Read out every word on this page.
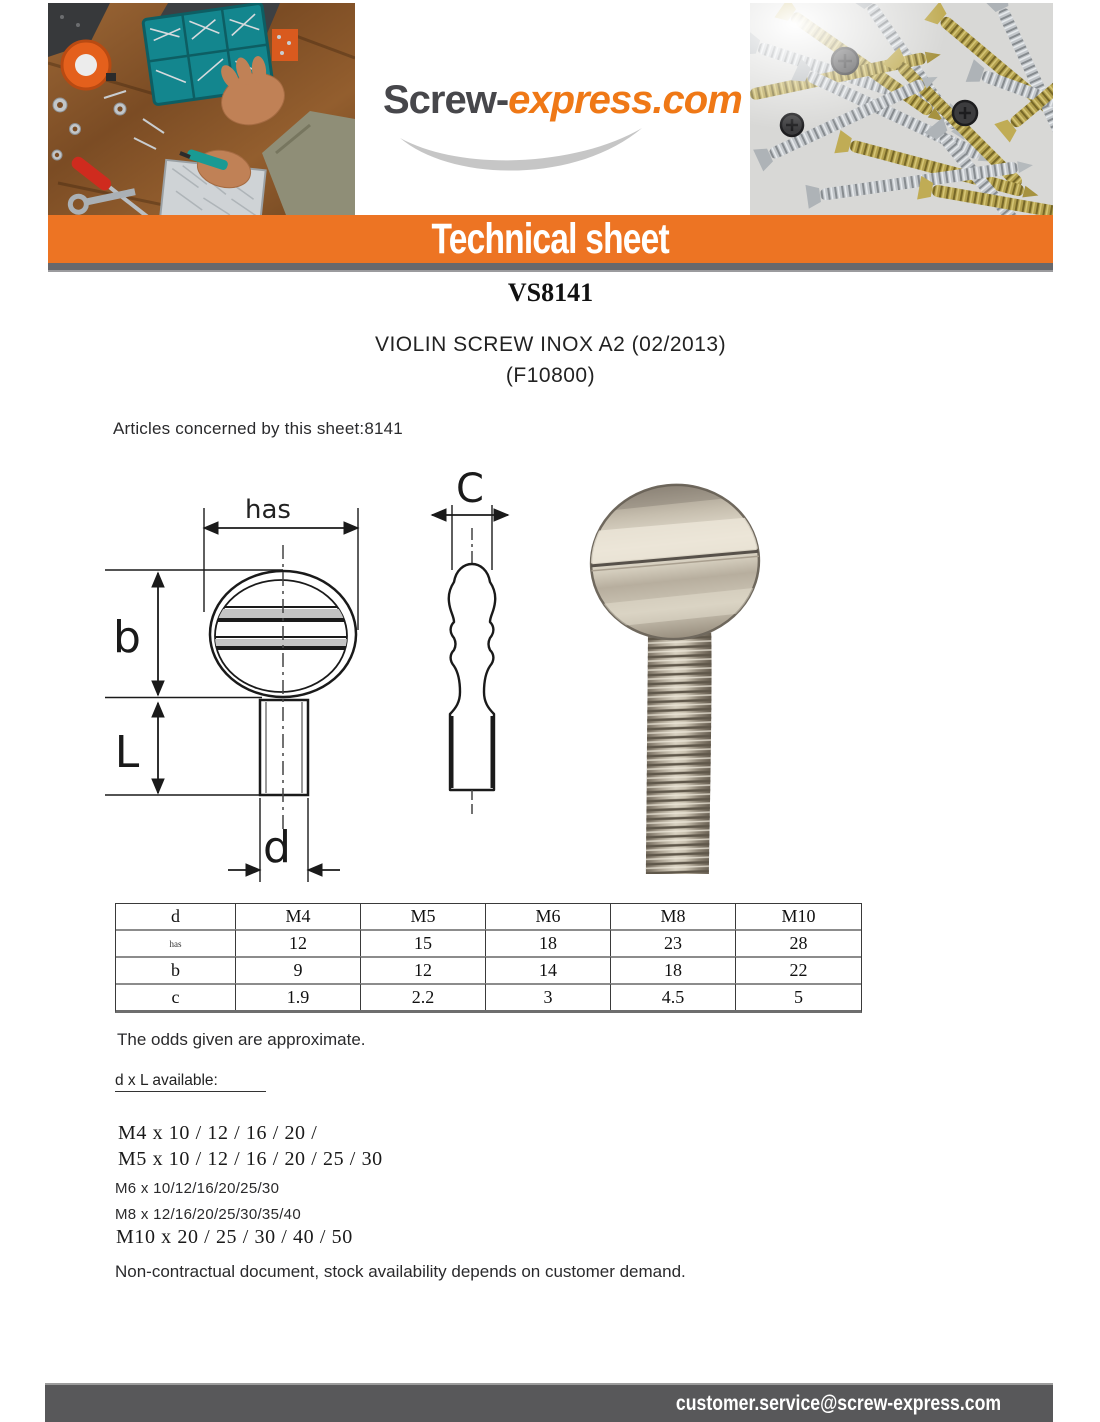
Screw-express.com
Technical sheet
VS8141
VIOLIN SCREW INOX A2 (02/2013)
(F10800)
Articles concerned by this sheet:8141
has
b
L
d
C
d	M4	M5	M6	M8	M10
has	12	15	18	23	28
b	9	12	14	18	22
c	1.9	2.2	3	4.5	5
The odds given are approximate.
d x L available:
M4 x 10 / 12 / 16 / 20 /
M5 x 10 / 12 / 16 / 20 / 25 / 30
M6 x 10/12/16/20/25/30
M8 x 12/16/20/25/30/35/40
M10 x 20 / 25 / 30 / 40 / 50
Non-contractual document, stock availability depends on customer demand.
customer.service@screw-express.com
